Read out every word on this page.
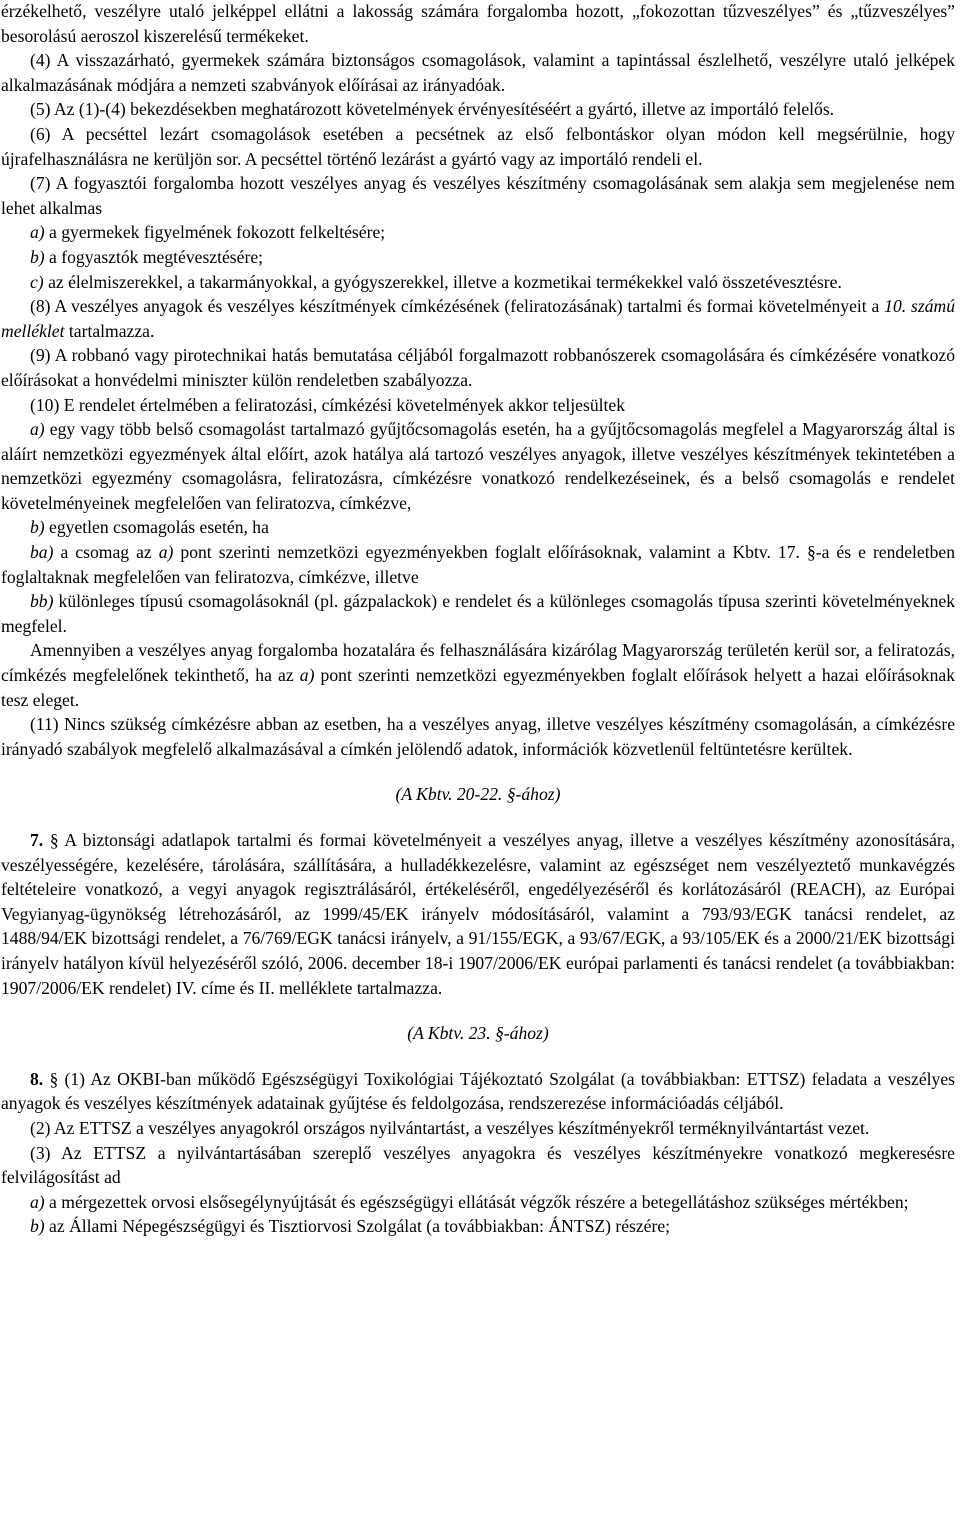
érzékelhető, veszélyre utaló jelképpel ellátni a lakosság számára forgalomba hozott, „fokozottan tűzveszélyes” és „tűzveszélyes” besorolású aeroszol kiszerelésű termékeket.

(4) A visszazárható, gyermekek számára biztonságos csomagolások, valamint a tapintással észlelhető, veszélyre utaló jelképek alkalmazásának módjára a nemzeti szabványok előírásai az irányadóak.

(5) Az (1)-(4) bekezdésekben meghatározott követelmények érvényesítéséért a gyártó, illetve az importáló felelős.

(6) A pecséttel lezárt csomagolások esetében a pecsétnek az első felbontáskor olyan módon kell megsérülnie, hogy újrafelhasználásra ne kerüljön sor. A pecséttel történő lezárást a gyártó vagy az importáló rendeli el.

(7) A fogyasztói forgalomba hozott veszélyes anyag és veszélyes készítmény csomagolásának sem alakja sem megjelenése nem lehet alkalmas

a) a gyermekek figyelmének fokozott felkeltésére;

b) a fogyasztók megtévesztésére;

c) az élelmiszerekkel, a takarmányokkal, a gyógyszerekkel, illetve a kozmetikai termékekkel való összetévesztésre.

(8) A veszélyes anyagok és veszélyes készítmények címkézésének (feliratozásának) tartalmi és formai követelményeit a 10. számú melléklet tartalmazza.

(9) A robbanó vagy pirotechnikai hatás bemutatása céljából forgalmazott robbanószerek csomagolására és címkézésére vonatkozó előírásokat a honvédelmi miniszter külön rendeletben szabályozza.

(10) E rendelet értelmében a feliratozási, címkézési követelmények akkor teljesültek

a) egy vagy több belső csomagolást tartalmazó gyűjtőcsomagolás esetén, ha a gyűjtőcsomagolás megfelel a Magyarország által is aláírt nemzetközi egyezmények által előírt, azok hatálya alá tartozó veszélyes anyagok, illetve veszélyes készítmények tekintetében a nemzetközi egyezmény csomagolásra, feliratozásra, címkézésre vonatkozó rendelkezéseinek, és a belső csomagolás e rendelet követelményeinek megfelelően van feliratozva, címkézve,

b) egyetlen csomagolás esetén, ha

ba) a csomag az a) pont szerinti nemzetközi egyezményekben foglalt előírásoknak, valamint a Kbtv. 17. §-a és e rendeletben foglaltaknak megfelelően van feliratozva, címkézve, illetve

bb) különleges típusú csomagolásoknál (pl. gázpalackok) e rendelet és a különleges csomagolás típusa szerinti követelményeknek megfelel.

Amennyiben a veszélyes anyag forgalomba hozatalára és felhasználására kizárólag Magyarország területén kerül sor, a feliratozás, címkézés megfelelőnek tekinthető, ha az a) pont szerinti nemzetközi egyezményekben foglalt előírások helyett a hazai előírásoknak tesz eleget.

(11) Nincs szükség címkézésre abban az esetben, ha a veszélyes anyag, illetve veszélyes készítmény csomagolásán, a címkézésre irányadó szabályok megfelelő alkalmazásával a címkén jelölendő adatok, információk közvetlenül feltüntetésre kerültek.

(A Kbtv. 20-22. §-ához)

7. § A biztonsági adatlapok tartalmi és formai követelményeit a veszélyes anyag, illetve a veszélyes készítmény azonosítására, veszélyességére, kezelésére, tárolására, szállítására, a hulladékkezelésre, valamint az egészséget nem veszélyeztető munkavégzés feltételeire vonatkozó, a vegyi anyagok regisztrálásáról, értékeléséről, engedélyezéséről és korlátozásáról (REACH), az Európai Vegyianyag-ügynökség létrehozásáról, az 1999/45/EK irányelv módosításáról, valamint a 793/93/EGK tanácsi rendelet, az 1488/94/EK bizottsági rendelet, a 76/769/EGK tanácsi irányelv, a 91/155/EGK, a 93/67/EGK, a 93/105/EK és a 2000/21/EK bizottsági irányelv hatályon kívül helyezéséről szóló, 2006. december 18-i 1907/2006/EK európai parlamenti és tanácsi rendelet (a továbbiakban: 1907/2006/EK rendelet) IV. címe és II. melléklete tartalmazza.

(A Kbtv. 23. §-ához)

8. § (1) Az OKBI-ban működő Egészségügyi Toxikológiai Tájékoztató Szolgálat (a továbbiakban: ETTSZ) feladata a veszélyes anyagok és veszélyes készítmények adatainak gyűjtése és feldolgozása, rendszerezése információadás céljából.

(2) Az ETTSZ a veszélyes anyagokról országos nyilvántartást, a veszélyes készítményekről terméknyilvántartást vezet.

(3) Az ETTSZ a nyilvántartásában szereplő veszélyes anyagokra és veszélyes készítményekre vonatkozó megkeresésre felvilágosítást ad

a) a mérgezettek orvosi elsősegélynyújtását és egészségügyi ellátását végzők részére a betegellátáshoz szükséges mértékben;

b) az Állami Népegészségügyi és Tisztiorvosi Szolgálat (a továbbiakban: ÁNTSZ) részére;
